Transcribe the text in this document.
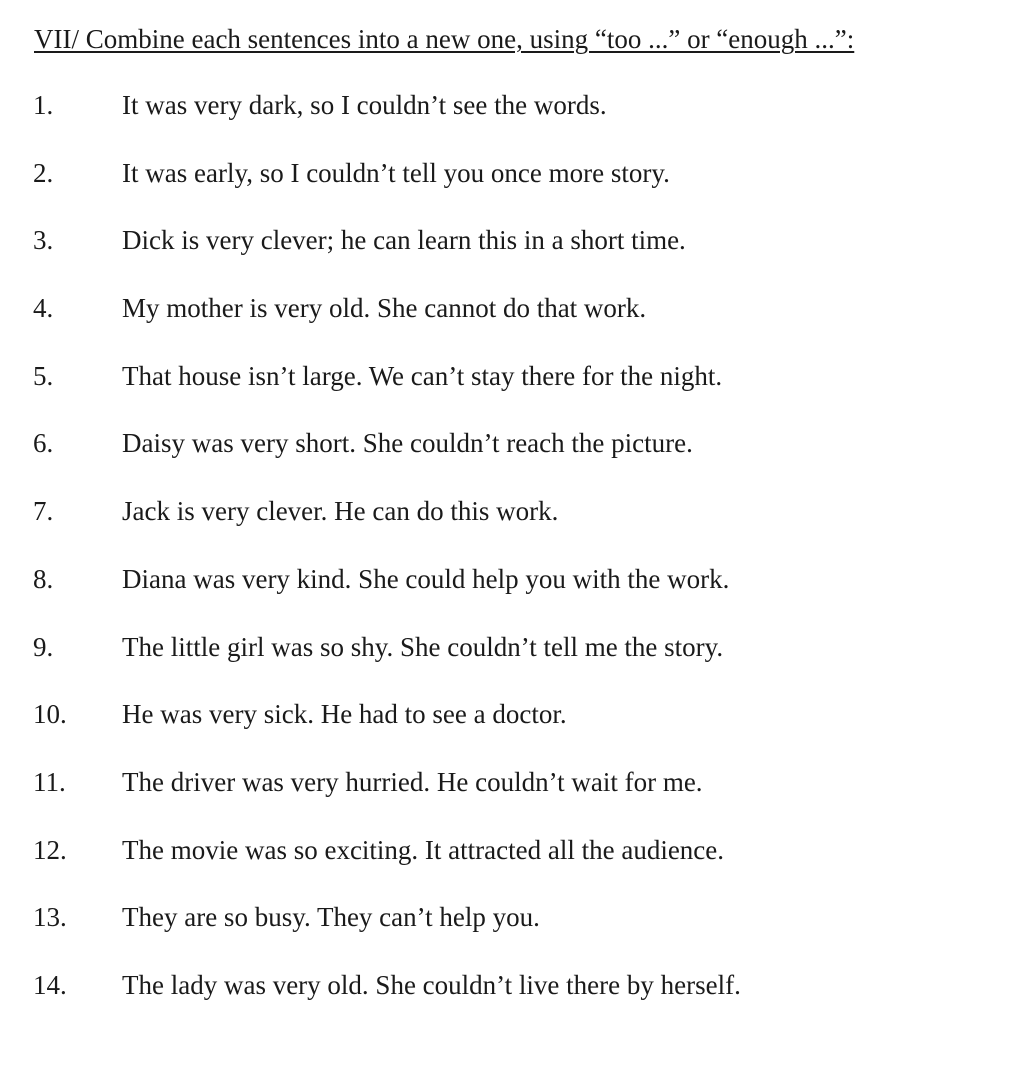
VII/ Combine each sentences into a new one, using “too ...” or “enough ...”:
1.	It was very dark, so I couldn’t see the words.
2.	It was early, so I couldn’t tell you once more story.
3.	Dick is very clever; he can learn this in a short time.
4.	My mother is very old. She cannot do that work.
5.	That house isn’t large. We can’t stay there for the night.
6.	Daisy was very short. She couldn’t reach the picture.
7.	Jack is very clever. He can do this work.
8.	Diana was very kind. She could help you with the work.
9.	The little girl was so shy. She couldn’t tell me the story.
10. He was very sick. He had to see a doctor.
11. The driver was very hurried. He couldn’t wait for me.
12. The movie was so exciting. It attracted all the audience.
13. They are so busy. They can’t help you.
14. The lady was very old. She couldn’t live there by herself.
